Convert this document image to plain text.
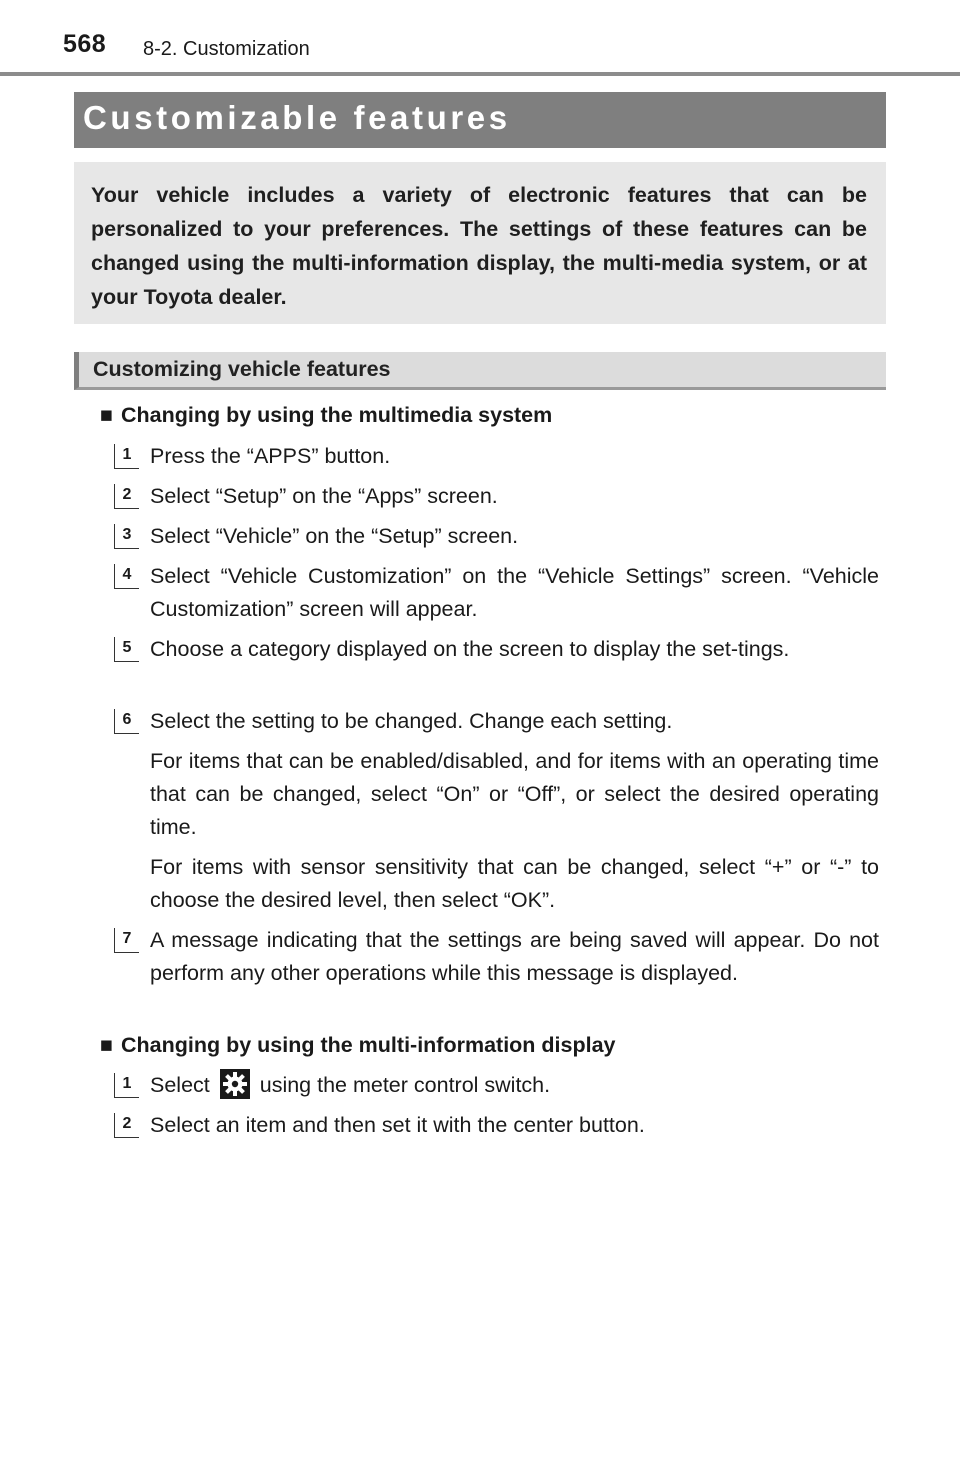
568 8-2. Customization
Customizable features
Your vehicle includes a variety of electronic features that can be personalized to your preferences. The settings of these features can be changed using the multi-information display, the multi-media system, or at your Toyota dealer.
Customizing vehicle features
■ Changing by using the multimedia system
1 Press the “APPS” button.
2 Select “Setup” on the “Apps” screen.
3 Select “Vehicle” on the “Setup” screen.
4 Select “Vehicle Customization” on the “Vehicle Settings” screen. “Vehicle Customization” screen will appear.
5 Choose a category displayed on the screen to display the set-tings.
6 Select the setting to be changed. Change each setting.
For items that can be enabled/disabled, and for items with an operating time that can be changed, select “On” or “Off”, or select the desired operating time.
For items with sensor sensitivity that can be changed, select “+” or “-” to choose the desired level, then select “OK”.
7 A message indicating that the settings are being saved will appear. Do not perform any other operations while this message is displayed.
■ Changing by using the multi-information display
1 Select using the meter control switch.
2 Select an item and then set it with the center button.
